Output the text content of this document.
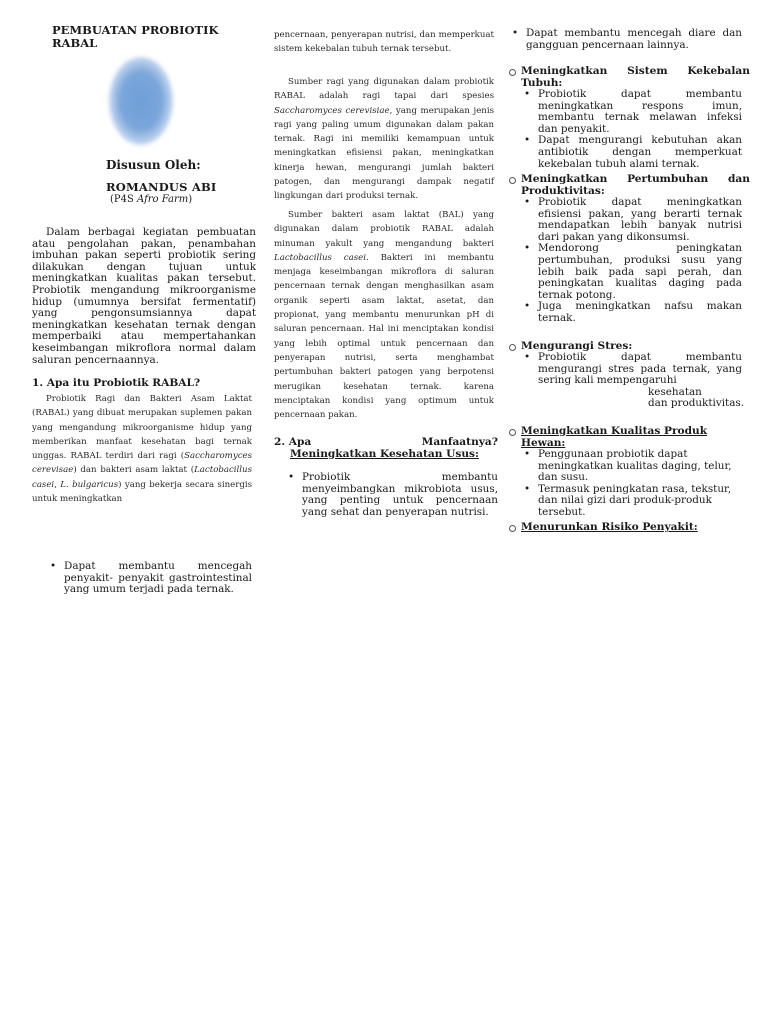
PEMBUATAN PROBIOTIK RABAL
Disusun Oleh:
ROMANDUS ABI
(P4S Afro Farm)
Dalam berbagai kegiatan pembuatan atau pengolahan pakan, penambahan imbuhan pakan seperti probiotik sering dilakukan dengan tujuan untuk meningkatkan kualitas pakan tersebut. Probiotik mengandung mikroorganisme hidup (umumnya bersifat fermentatif) yang pengonsumsiannya dapat meningkatkan kesehatan ternak dengan memperbaiki atau mempertahankan keseimbangan mikroflora normal dalam saluran pencernaannya.
1. Apa itu Probiotik RABAL?
Probiotik Ragi dan Bakteri Asam Laktat (RABAL) yang dibuat merupakan suplemen pakan yang mengandung mikroorganisme hidup yang memberikan manfaat kesehatan bagi ternak unggas. RABAL terdiri dari ragi (Saccharomyces cerevisae) dan bakteri asam laktat (Lactobacillus casei, L. bulgaricus) yang bekerja secara sinergis untuk meningkatkan
• Dapat membantu mencegah penyakit- penyakit gastrointestinal yang umum terjadi pada ternak.
pencernaan, penyerapan nutrisi, dan memperkuat sistem kekebalan tubuh ternak tersebut.
Sumber ragi yang digunakan dalam probiotik RABAL adalah ragi tapai dari spesies Saccharomyces cerevisiae, yang merupakan jenis ragi yang paling umum digunakan dalam pakan ternak. Ragi ini memiliki kemampuan untuk meningkatkan efisiensi pakan, meningkatkan kinerja hewan, mengurangi jumlah bakteri patogen, dan mengurangi dampak negatif lingkungan dari produksi ternak.
Sumber bakteri asam laktat (BAL) yang digunakan dalam probiotik RABAL adalah minuman yakult yang mengandung bakteri Lactobacillus casei. Bakteri ini membantu menjaga keseimbangan mikroflora di saluran pencernaan ternak dengan menghasilkan asam organik seperti asam laktat, asetat, dan propionat, yang membantu menurunkan pH di saluran pencernaan. Hal ini menciptakan kondisi yang lebih optimal untuk pencernaan dan penyerapan nutrisi, serta menghambat pertumbuhan bakteri patogen yang berpotensi merugikan kesehatan ternak. karena menciptakan kondisi yang optimum untuk pencernaan pakan.
2. Apa	Manfaatnya?
Meningkatkan Kesehatan Usus:
• Probiotik membantu menyeimbangkan mikrobiota usus, yang penting untuk pencernaan yang sehat dan penyerapan nutrisi.
• Dapat membantu mencegah diare dan gangguan pencernaan lainnya.
Meningkatkan Sistem Kekebalan Tubuh:
• Probiotik dapat membantu meningkatkan respons imun, membantu ternak melawan infeksi dan penyakit.
• Dapat mengurangi kebutuhan akan antibiotik dengan memperkuat kekebalan tubuh alami ternak.
Meningkatkan Pertumbuhan dan Produktivitas:
• Probiotik dapat meningkatkan efisiensi pakan, yang berarti ternak mendapatkan lebih banyak nutrisi dari pakan yang dikonsumsi.
• Mendorong peningkatan pertumbuhan, produksi susu yang lebih baik pada sapi perah, dan peningkatan kualitas daging pada ternak potong.
• Juga meningkatkan nafsu makan ternak.
Mengurangi Stres:
• Probiotik dapat membantu mengurangi stres pada ternak, yang sering kali mempengaruhi
kesehatan
dan produktivitas.
Meningkatkan Kualitas Produk Hewan:
• Penggunaan probiotik dapat meningkatkan kualitas daging, telur, dan susu.
• Termasuk peningkatan rasa, tekstur, dan nilai gizi dari produk-produk tersebut.
Menurunkan Risiko Penyakit:
